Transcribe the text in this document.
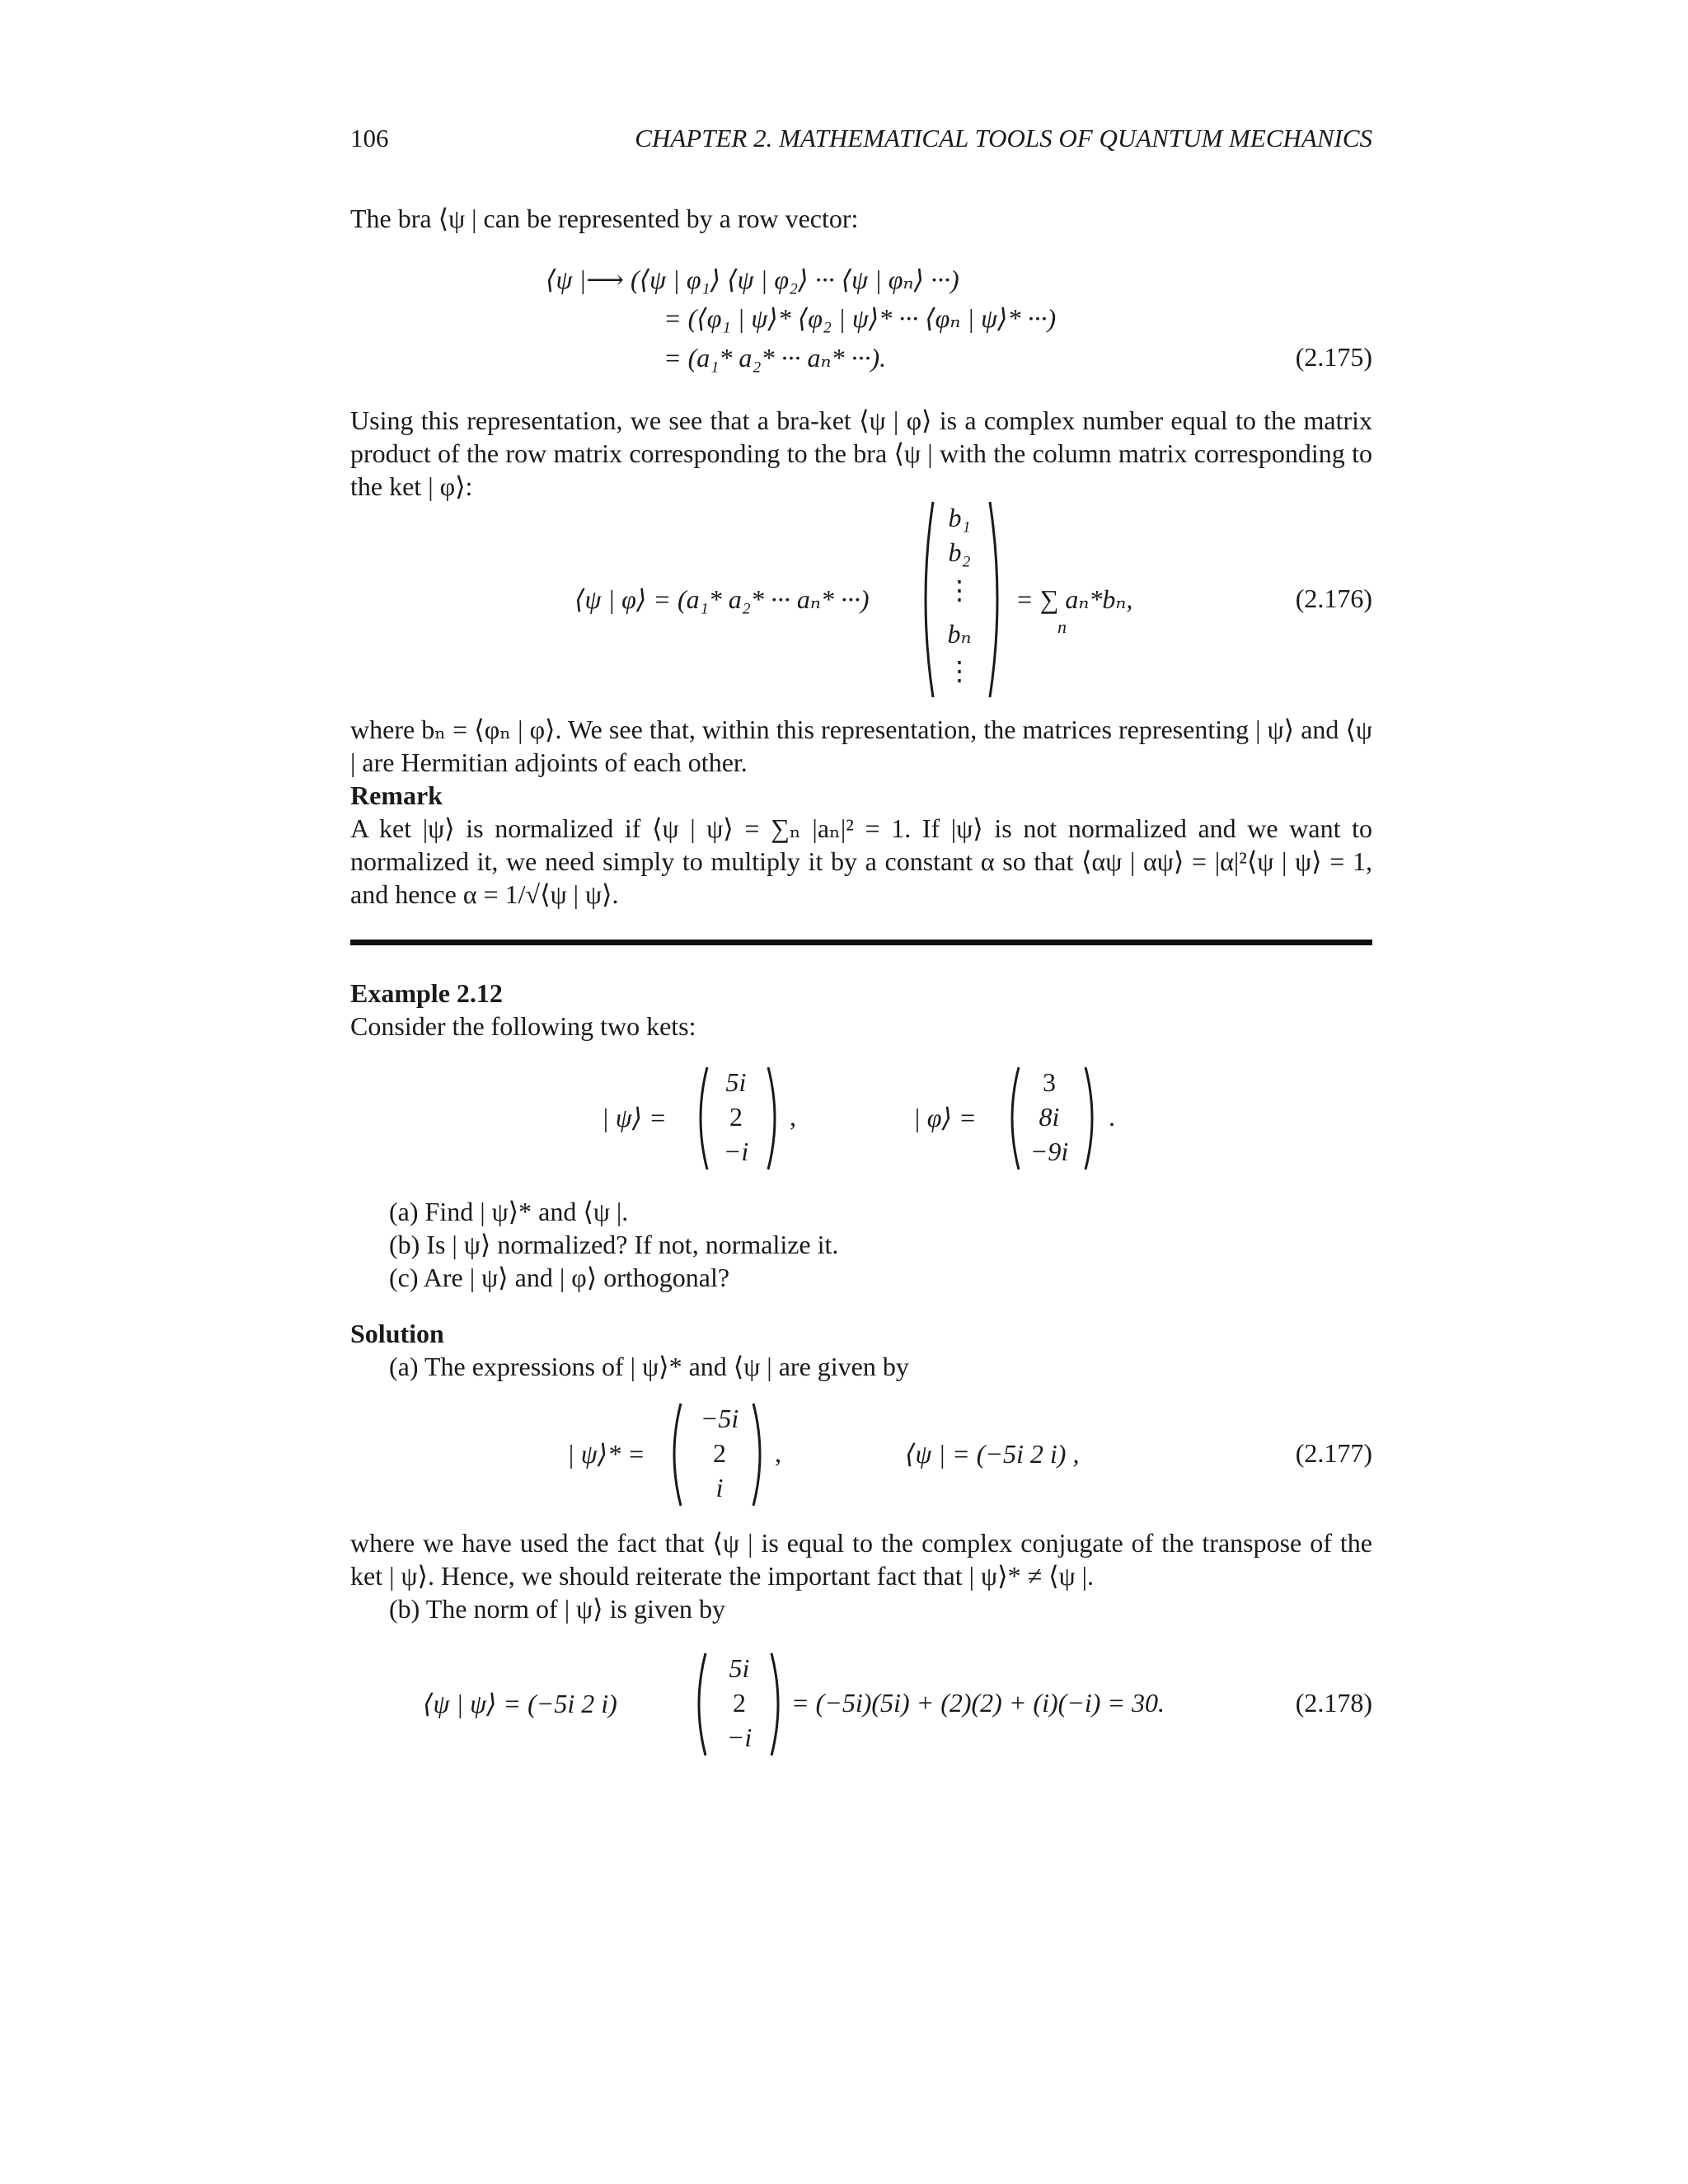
106	CHAPTER 2. MATHEMATICAL TOOLS OF QUANTUM MECHANICS
The bra ⟨ψ | can be represented by a row vector:
⟨ψ |⟶ (⟨ψ | φ₁⟩ ⟨ψ | φ₂⟩ ··· ⟨ψ | φₙ⟩ ···)
= (⟨φ₁ | ψ⟩* ⟨φ₂ | ψ⟩* ··· ⟨φₙ | ψ⟩* ···)
= (a₁* a₂* ··· aₙ* ···).	(2.175)
Using this representation, we see that a bra-ket ⟨ψ | φ⟩ is a complex number equal to the matrix product of the row matrix corresponding to the bra ⟨ψ | with the column matrix corresponding to the ket | φ⟩:
⟨ψ | φ⟩ = (a₁* a₂* ··· aₙ* ···)
b₁
b₂
⋮
bₙ
⋮
= ∑ aₙ*bₙ,
n
(2.176)
where bₙ = ⟨φₙ | φ⟩. We see that, within this representation, the matrices representing | ψ⟩ and ⟨ψ | are Hermitian adjoints of each other.
Remark
A ket |ψ⟩ is normalized if ⟨ψ | ψ⟩ = ∑ₙ |aₙ|² = 1. If |ψ⟩ is not normalized and we want to normalized it, we need simply to multiply it by a constant α so that ⟨αψ | αψ⟩ = |α|²⟨ψ | ψ⟩ = 1, and hence α = 1/√⟨ψ | ψ⟩.
Example 2.12
Consider the following two kets:
| ψ⟩ =
5i
2
−i
,	| φ⟩ =
3
8i
−9i
.
(a) Find | ψ⟩* and ⟨ψ |.
(b) Is | ψ⟩ normalized? If not, normalize it.
(c) Are | ψ⟩ and | φ⟩ orthogonal?
Solution
(a) The expressions of | ψ⟩* and ⟨ψ | are given by
| ψ⟩* =
−5i
2
i
,	⟨ψ | = (−5i 2 i) ,	(2.177)
where we have used the fact that ⟨ψ | is equal to the complex conjugate of the transpose of the ket | ψ⟩. Hence, we should reiterate the important fact that | ψ⟩* ≠ ⟨ψ |.
(b) The norm of | ψ⟩ is given by
⟨ψ | ψ⟩ = (−5i 2 i)
5i
2
−i
= (−5i)(5i) + (2)(2) + (i)(−i) = 30.	(2.178)
